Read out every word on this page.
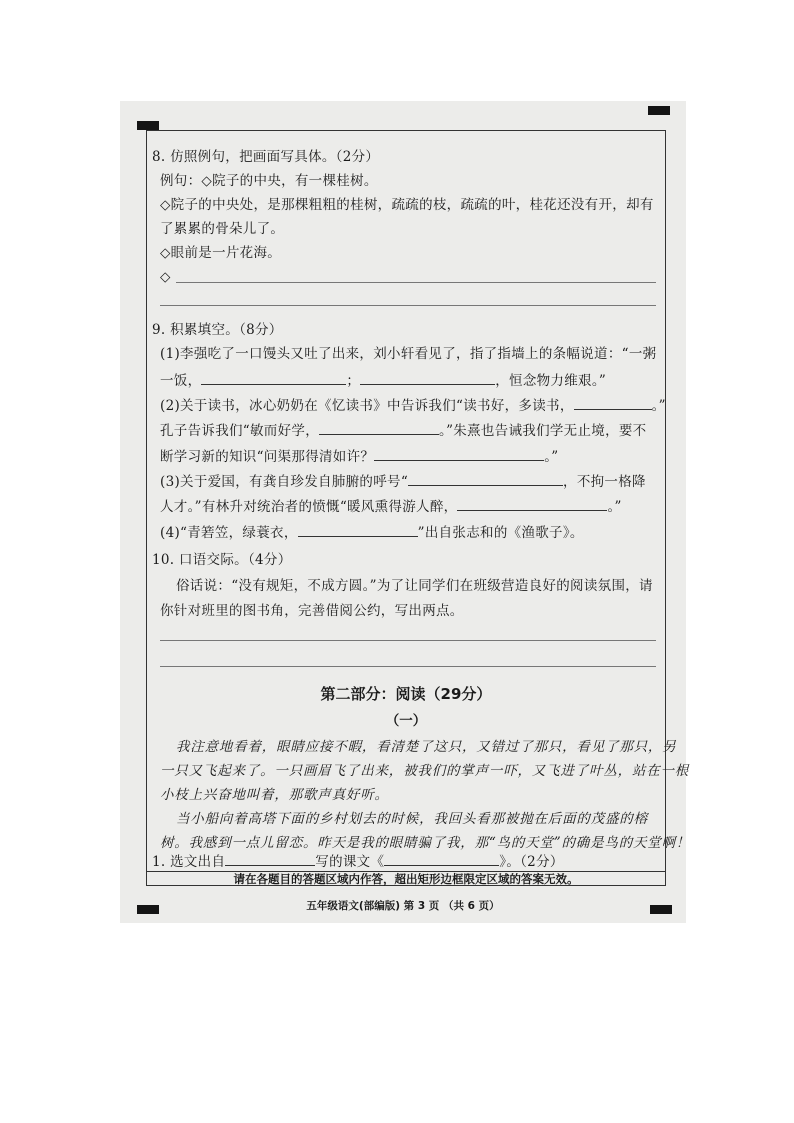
8. 仿照例句，把画面写具体。（2分）
例句：◇院子的中央，有一棵桂树。
◇院子的中央处，是那棵粗粗的桂树，疏疏的枝，疏疏的叶，桂花还没有开，却有
了累累的骨朵儿了。
◇眼前是一片花海。
◇
9. 积累填空。（8分）
(1)李强吃了一口馒头又吐了出来，刘小轩看见了，指了指墙上的条幅说道：“一粥
一饭，	；	，恒念物力维艰。”
(2)关于读书，冰心奶奶在《忆读书》中告诉我们“读书好，多读书，	。”
孔子告诉我们“敏而好学，	。”朱熹也告诫我们学无止境，要不
断学习新的知识“问渠那得清如许？	。”
(3)关于爱国，有龚自珍发自肺腑的呼号“	，不拘一格降
人才。”有林升对统治者的愤慨“暖风熏得游人醉，	。”
(4)“青箬笠，绿蓑衣，	”出自张志和的《渔歌子》。
10. 口语交际。（4分）
俗话说：“没有规矩，不成方圆。”为了让同学们在班级营造良好的阅读氛围，请
你针对班里的图书角，完善借阅公约，写出两点。
第二部分：阅读（29分）
（一）
我注意地看着，眼睛应接不暇，看清楚了这只，又错过了那只，看见了那只，另
一只又飞起来了。一只画眉飞了出来，被我们的掌声一吓，又飞进了叶丛，站在一根
小枝上兴奋地叫着，那歌声真好听。
当小船向着高塔下面的乡村划去的时候，我回头看那被抛在后面的茂盛的榕
树。我感到一点儿留恋。昨天是我的眼睛骗了我，那“鸟的天堂”的确是鸟的天堂啊！
1. 选文出自	写的课文《	》。（2分）
请在各题目的答题区域内作答，超出矩形边框限定区域的答案无效。
五年级语文(部编版) 第 3 页 （共 6 页）
